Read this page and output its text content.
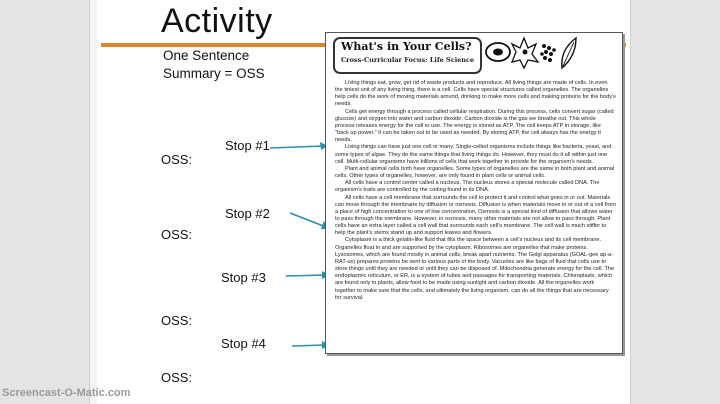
Activity
One Sentence
Summary = OSS
Stop #1
Stop #2
Stop #3
Stop #4
OSS:
OSS:
OSS:
OSS:
What's in Your Cells?
Cross-Curricular Focus: Life Science

Living things eat, grow, get rid of waste products and reproduce. All living things are made of cells. In even the tiniest unit of any living thing, there is a cell. Cells have special structures called organelles. The organelles help cells do the work of moving materials around, drinking to make more cells and making proteins for the body's needs.

Cells get energy through a process called cellular respiration. During this process, cells convert sugar (called glucose) and oxygen into water and carbon dioxide. Carbon dioxide is the gas we breathe out. This whole process releases energy for the cell to use. The energy is stored as ATP. The cell keeps ATP in storage, like "back up power." It can be taken out to be used as needed. By storing ATP, the cell always has the energy it needs.

Living things can have just one cell or many. Single-celled organisms include things like bacteria, yeast, and some types of algae. They do the same things that living things do. However, they must do it all within just one cell. Multi-cellular organisms have billions of cells that work together to provide for the organism's needs.

Plant and animal cells both have organelles. Some types of organelles are the same in both plant and animal cells. Other types of organelles, however, are only found in plant cells or animal cells.

All cells have a control center called a nucleus. The nucleus stores a special molecule called DNA. The organism's traits are controlled by the coding found in its DNA.

All cells have a cell membrane that surrounds the cell to protect it and control what goes in or out. Materials can move through the membrane by diffusion or osmosis. Diffusion is when materials move in or out of a cell from a place of high concentration to one of low concentration. Osmosis is a special kind of diffusion that allows water to pass through the membrane. However, in osmosis, many other materials are not allow to pass through. Plant cells have an extra layer called a cell wall that surrounds each cell's membrane. The cell wall is much stiffer to help the plant's stems stand up and support leaves and flowers.

Cytoplasm is a thick gelatin-like fluid that fills the space between a cell's nucleus and its cell membrane. Organelles float in and are supported by the cytoplasm. Ribosomes are organelles that make proteins. Lysosomes, which are found mostly in animal cells, break apart nutrients. The Golgi apparatus (GOAL-gee ap-a-RAT-us) prepares proteins be sent to various parts of the body. Vacuoles are like bags of fluid that cells use to store things until they are needed or until they can be disposed of. Mitochondria generate energy for the cell. The endoplasmic reticulum, or ER, is a system of tubes and passages for transporting materials. Chloroplasts, which are found only in plants, allow food to be made using sunlight and carbon dioxide. All the organelles work together to make sure that the cells, and ultimately the living organism, can do all the things that are necessary for survival.

Screencast-O-Matic.com
